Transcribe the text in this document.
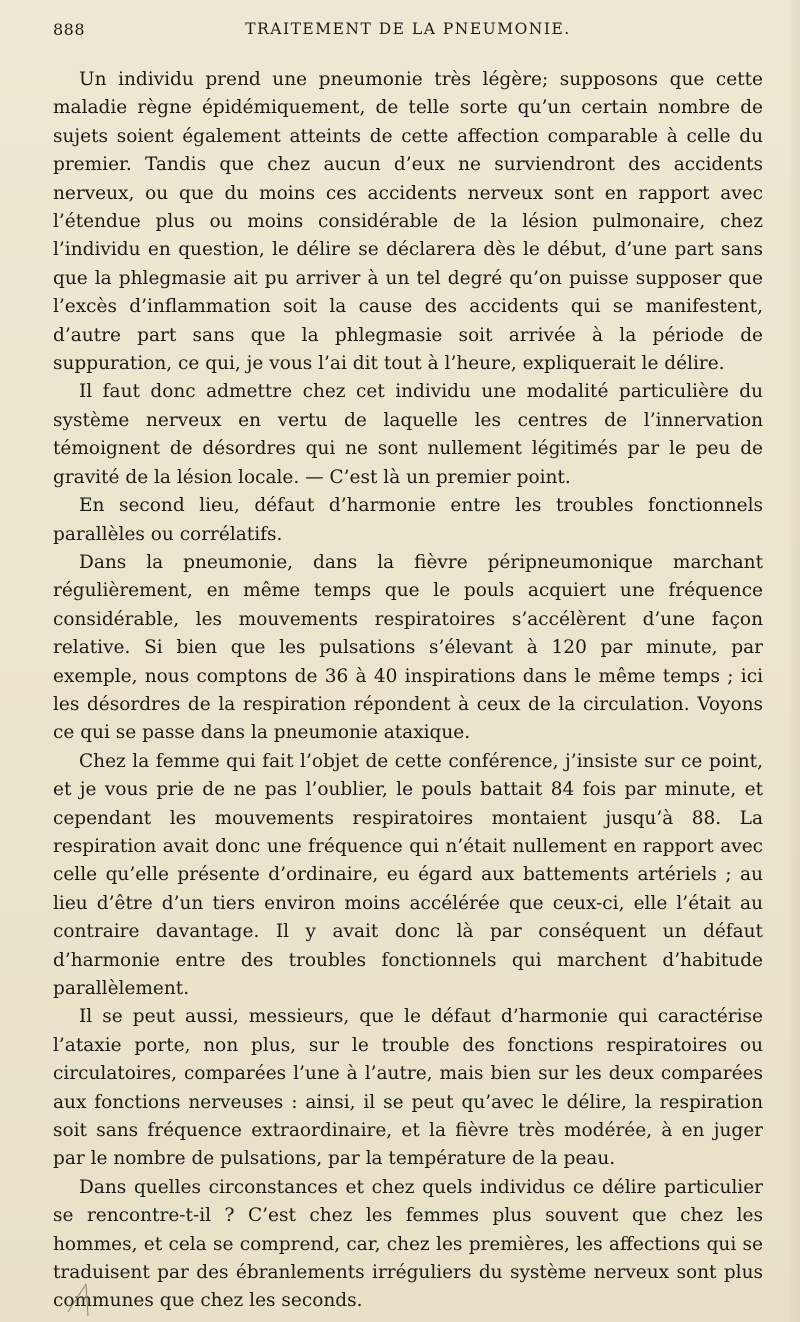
888	TRAITEMENT DE LA PNEUMONIE.

Un individu prend une pneumonie très légère; supposons que cette maladie règne épidémiquement, de telle sorte qu’un certain nombre de sujets soient également atteints de cette affection comparable à celle du premier. Tandis que chez aucun d’eux ne surviendront des accidents nerveux, ou que du moins ces accidents nerveux sont en rapport avec l’étendue plus ou moins considérable de la lésion pulmonaire, chez l’individu en question, le délire se déclarera dès le début, d’une part sans que la phlegmasie ait pu arriver à un tel degré qu’on puisse supposer que l’excès d’inflammation soit la cause des accidents qui se manifestent, d’autre part sans que la phlegmasie soit arrivée à la période de suppuration, ce qui, je vous l’ai dit tout à l’heure, expliquerait le délire.

Il faut donc admettre chez cet individu une modalité particulière du système nerveux en vertu de laquelle les centres de l’innervation témoignent de désordres qui ne sont nullement légitimés par le peu de gravité de la lésion locale. — C’est là un premier point.

En second lieu, défaut d’harmonie entre les troubles fonctionnels parallèles ou corrélatifs.

Dans la pneumonie, dans la fièvre péripneumonique marchant régulièrement, en même temps que le pouls acquiert une fréquence considérable, les mouvements respiratoires s’accélèrent d’une façon relative. Si bien que les pulsations s’élevant à 120 par minute, par exemple, nous comptons de 36 à 40 inspirations dans le même temps ; ici les désordres de la respiration répondent à ceux de la circulation. Voyons ce qui se passe dans la pneumonie ataxique.

Chez la femme qui fait l’objet de cette conférence, j’insiste sur ce point, et je vous prie de ne pas l’oublier, le pouls battait 84 fois par minute, et cependant les mouvements respiratoires montaient jusqu’à 88. La respiration avait donc une fréquence qui n’était nullement en rapport avec celle qu’elle présente d’ordinaire, eu égard aux battements artériels ; au lieu d’être d’un tiers environ moins accélérée que ceux-ci, elle l’était au contraire davantage. Il y avait donc là par conséquent un défaut d’harmonie entre des troubles fonctionnels qui marchent d’habitude parallèlement.

Il se peut aussi, messieurs, que le défaut d’harmonie qui caractérise l’ataxie porte, non plus, sur le trouble des fonctions respiratoires ou circulatoires, comparées l’une à l’autre, mais bien sur les deux comparées aux fonctions nerveuses : ainsi, il se peut qu’avec le délire, la respiration soit sans fréquence extraordinaire, et la fièvre très modérée, à en juger par le nombre de pulsations, par la température de la peau.

Dans quelles circonstances et chez quels individus ce délire particulier se rencontre-t-il ? C’est chez les femmes plus souvent que chez les hommes, et cela se comprend, car, chez les premières, les affections qui se traduisent par des ébranlements irréguliers du système nerveux sont plus communes que chez les seconds.
